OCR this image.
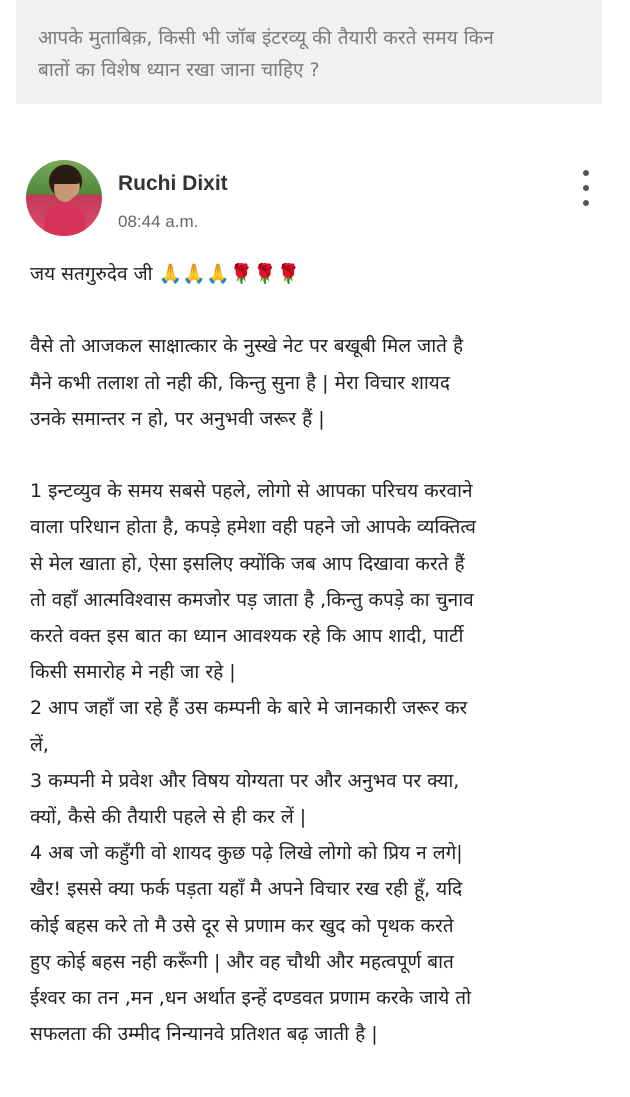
आपके मुताबिक़, किसी भी जॉब इंटरव्यू की तैयारी करते समय किन
बातों का विशेष ध्यान रखा जाना चाहिए ?
Ruchi Dixit
08:44 a.m.
जय सतगुरुदेव जी 🙏🙏🙏🌹🌹🌹

वैसे तो आजकल साक्षात्कार के नुस्खे नेट पर बखूबी मिल जाते है
मैने कभी तलाश तो नही की, किन्तु सुना है | मेरा विचार शायद
उनके समान्तर न हो, पर अनुभवी जरूर हैं |

1 इन्टव्युव के समय सबसे पहले, लोगो से आपका परिचय करवाने
वाला परिधान होता है, कपड़े हमेशा वही पहने जो आपके व्यक्तित्व
से मेल खाता हो, ऐसा इसलिए क्योंकि जब आप दिखावा करते हैं
तो वहाँ आत्मविश्वास कमजोर पड़ जाता है ,किन्तु कपड़े का चुनाव
करते वक्त इस बात का ध्यान आवश्यक रहे कि आप शादी, पार्टी
किसी समारोह मे नही जा रहे |
2 आप जहाँ जा रहे हैं उस कम्पनी के बारे मे जानकारी जरूर कर
लें,
3 कम्पनी मे प्रवेश और विषय योग्यता पर और अनुभव पर क्या,
क्यों, कैसे की तैयारी पहले से ही कर लें |
4 अब जो कहुँगी वो शायद कुछ पढ़े लिखे लोगो को प्रिय न लगे|
खैर! इससे क्या फर्क पड़ता यहाँ मै अपने विचार रख रही हूँ, यदि
कोई बहस करे तो मै उसे दूर से प्रणाम कर खुद को पृथक करते
हुए कोई बहस नही करूँगी | और वह चौथी और महत्वपूर्ण बात
ईश्वर का तन ,मन ,धन अर्थात इन्हें दण्डवत प्रणाम करके जाये तो
सफलता की उम्मीद निन्यानवे प्रतिशत बढ़ जाती है |
